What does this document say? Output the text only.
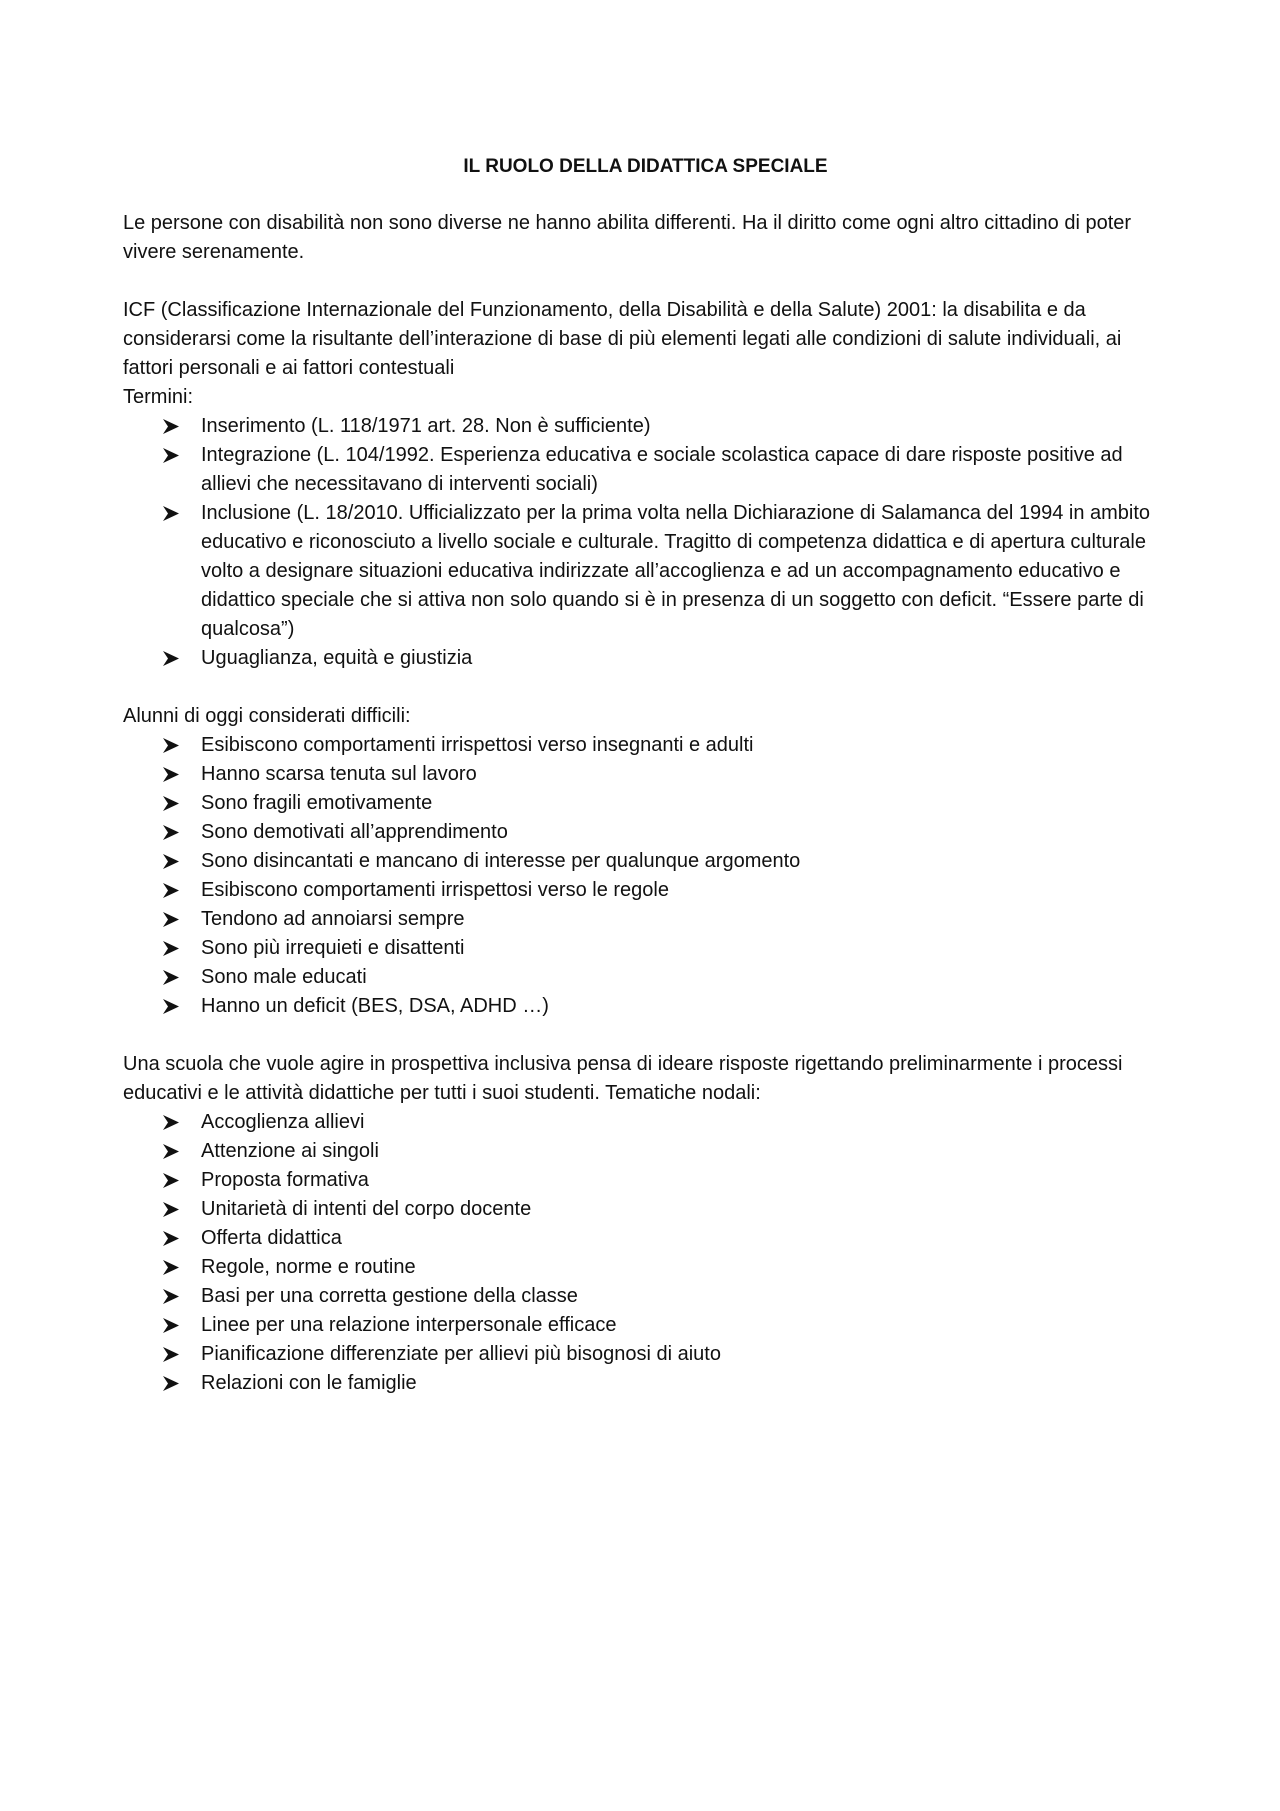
IL RUOLO DELLA DIDATTICA SPECIALE

Le persone con disabilità non sono diverse ne hanno abilita differenti. Ha il diritto come ogni altro cittadino di poter vivere serenamente.

ICF (Classificazione Internazionale del Funzionamento, della Disabilità e della Salute) 2001: la disabilita e da considerarsi come la risultante dell’interazione di base di più elementi legati alle condizioni di salute individuali, ai fattori personali e ai fattori contestuali

Termini:

Inserimento (L. 118/1971 art. 28. Non è sufficiente)
Integrazione (L. 104/1992. Esperienza educativa e sociale scolastica capace di dare risposte positive ad allievi che necessitavano di interventi sociali)
Inclusione (L. 18/2010. Ufficializzato per la prima volta nella Dichiarazione di Salamanca del 1994 in ambito educativo e riconosciuto a livello sociale e culturale. Tragitto di competenza didattica e di apertura culturale volto a designare situazioni educativa indirizzate all’accoglienza e ad un accompagnamento educativo e didattico speciale che si attiva non solo quando si è in presenza di un soggetto con deficit. “Essere parte di qualcosa”)
Uguaglianza, equità e giustizia

Alunni di oggi considerati difficili:

Esibiscono comportamenti irrispettosi verso insegnanti e adulti
Hanno scarsa tenuta sul lavoro
Sono fragili emotivamente
Sono demotivati all’apprendimento
Sono disincantati e mancano di interesse per qualunque argomento
Esibiscono comportamenti irrispettosi verso le regole
Tendono ad annoiarsi sempre
Sono più irrequieti e disattenti
Sono male educati
Hanno un deficit (BES, DSA, ADHD …)

Una scuola che vuole agire in prospettiva inclusiva pensa di ideare risposte rigettando preliminarmente i processi educativi e le attività didattiche per tutti i suoi studenti. Tematiche nodali:

Accoglienza allievi
Attenzione ai singoli
Proposta formativa
Unitarietà di intenti del corpo docente
Offerta didattica
Regole, norme e routine
Basi per una corretta gestione della classe
Linee per una relazione interpersonale efficace
Pianificazione differenziate per allievi più bisognosi di aiuto
Relazioni con le famiglie
